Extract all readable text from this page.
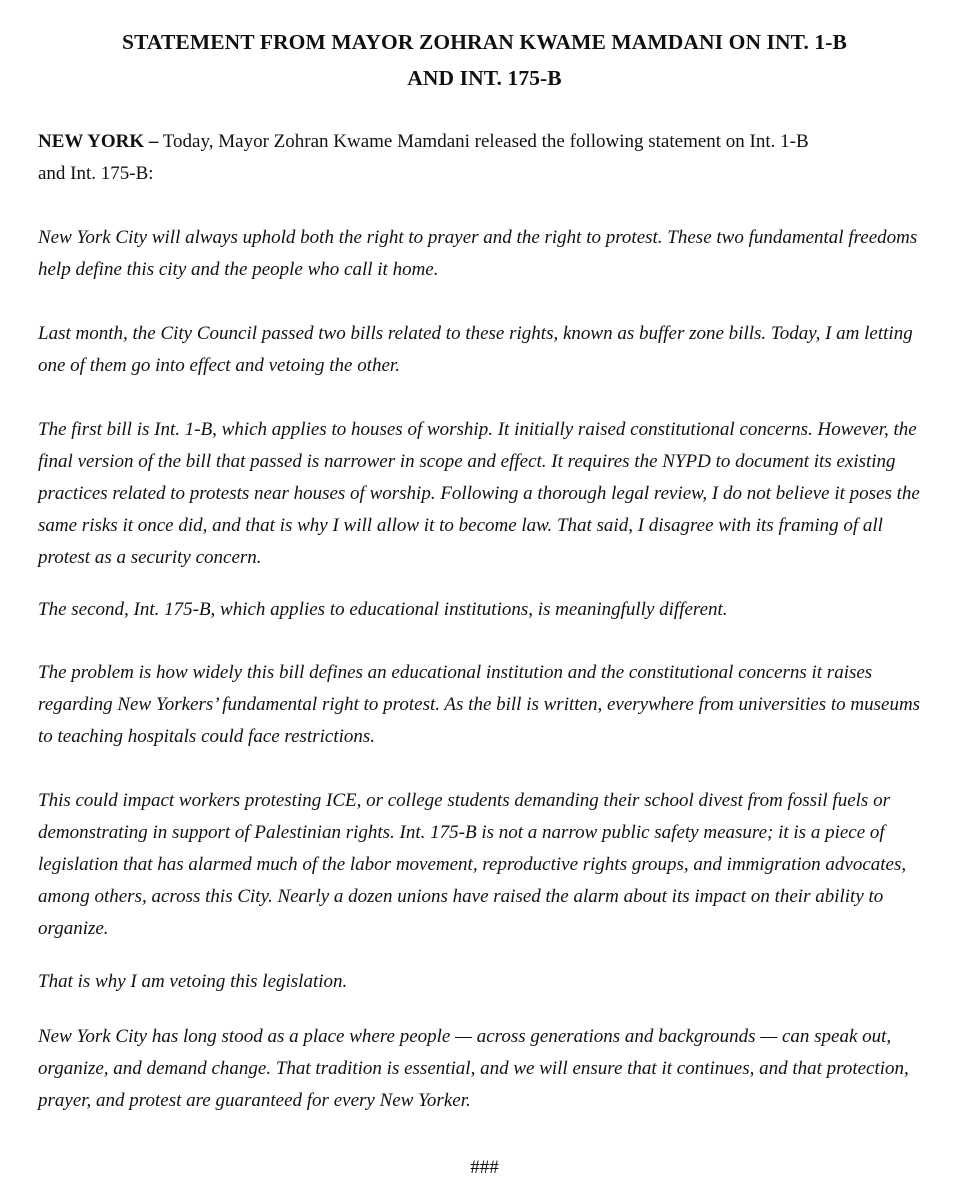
STATEMENT FROM MAYOR ZOHRAN KWAME MAMDANI ON INT. 1-B
AND INT. 175-B

NEW YORK – Today, Mayor Zohran Kwame Mamdani released the following statement on Int. 1-B
and Int. 175-B:

New York City will always uphold both the right to prayer and the right to protest. These two fundamental freedoms help define this city and the people who call it home.

Last month, the City Council passed two bills related to these rights, known as buffer zone bills. Today, I am letting one of them go into effect and vetoing the other.

The first bill is Int. 1-B, which applies to houses of worship. It initially raised constitutional concerns. However, the final version of the bill that passed is narrower in scope and effect. It requires the NYPD to document its existing practices related to protests near houses of worship. Following a thorough legal review, I do not believe it poses the same risks it once did, and that is why I will allow it to become law. That said, I disagree with its framing of all protest as a security concern.

The second, Int. 175-B, which applies to educational institutions, is meaningfully different.

The problem is how widely this bill defines an educational institution and the constitutional concerns it raises regarding New Yorkers’ fundamental right to protest. As the bill is written, everywhere from universities to museums to teaching hospitals could face restrictions.

This could impact workers protesting ICE, or college students demanding their school divest from fossil fuels or demonstrating in support of Palestinian rights. Int. 175-B is not a narrow public safety measure; it is a piece of legislation that has alarmed much of the labor movement, reproductive rights groups, and immigration advocates, among others, across this City. Nearly a dozen unions have raised the alarm about its impact on their ability to organize.

That is why I am vetoing this legislation.

New York City has long stood as a place where people — across generations and backgrounds — can speak out, organize, and demand change. That tradition is essential, and we will ensure that it continues, and that protection, prayer, and protest are guaranteed for every New Yorker.

###
